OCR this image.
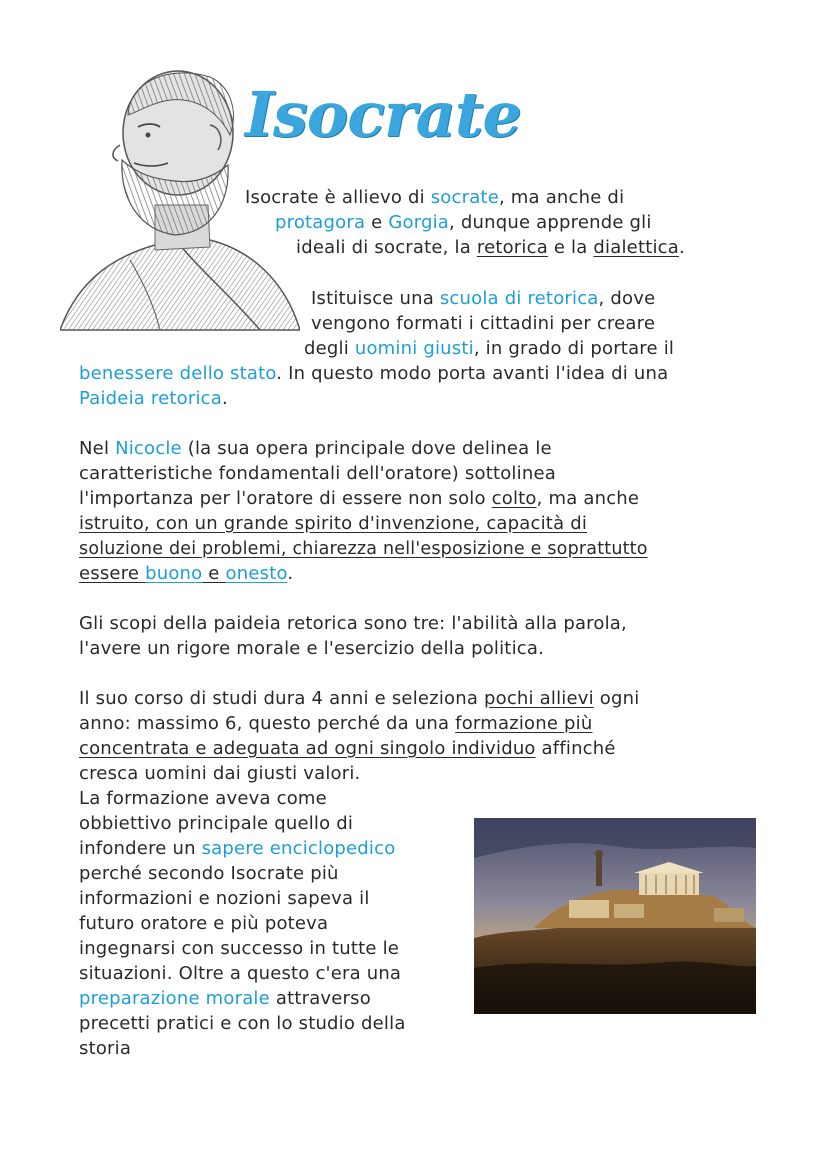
Isocrate
Isocrate è allievo di socrate, ma anche di
protagora e Gorgia, dunque apprende gli
ideali di socrate, la retorica e la dialettica.
Istituisce una scuola di retorica, dove
vengono formati i cittadini per creare
degli uomini giusti, in grado di portare il
benessere dello stato. In questo modo porta avanti l'idea di una
Paideia retorica.
Nel Nicocle (la sua opera principale dove delinea le
caratteristiche fondamentali dell'oratore) sottolinea
l'importanza per l'oratore di essere non solo colto, ma anche
istruito, con un grande spirito d'invenzione, capacità di
soluzione dei problemi, chiarezza nell'esposizione e soprattutto
essere buono e onesto.
Gli scopi della paideia retorica sono tre: l'abilità alla parola,
l'avere un rigore morale e l'esercizio della politica.
Il suo corso di studi dura 4 anni e seleziona pochi allievi ogni
anno: massimo 6, questo perché da una formazione più
concentrata e adeguata ad ogni singolo individuo affinché
cresca uomini dai giusti valori.
La formazione aveva come
obbiettivo principale quello di
infondere un sapere enciclopedico
perché secondo Isocrate più
informazioni e nozioni sapeva il
futuro oratore e più poteva
ingegnarsi con successo in tutte le
situazioni. Oltre a questo c'era una
preparazione morale attraverso
precetti pratici e con lo studio della
storia
